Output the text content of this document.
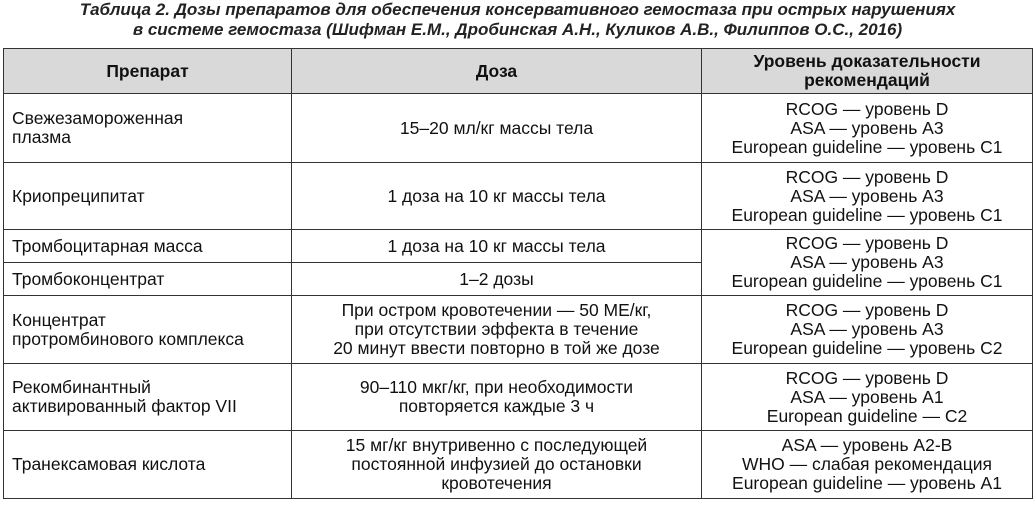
Таблица 2. Дозы препаратов для обеспечения консервативного гемостаза при острых нарушениях
в системе гемостаза (Шифман Е.М., Дробинская А.Н., Куликов А.В., Филиппов О.С., 2016)
Препарат	Доза	Уровень доказательности
рекомендаций

Свежезамороженная
плазма	15–20 мл/кг массы тела	RCOG — уровень D
ASA — уровень А3
European guideline — уровень С1

Криопреципитат	1 доза на 10 кг массы тела	RCOG — уровень D
ASA — уровень А3
European guideline — уровень С1

Тромбоцитарная масса	1 доза на 10 кг массы тела	RCOG — уровень D
ASA — уровень А3
European guideline — уровень С1

Тромбоконцентрат	1–2 дозы	

Концентрат
протромбинового комплекса	При остром кровотечении — 50 МЕ/кг,
при отсутствии эффекта в течение
20 минут ввести повторно в той же дозе	RCOG — уровень D
ASA — уровень А3
European guideline — уровень С2

Рекомбинантный
активированный фактор VII	90–110 мкг/кг, при необходимости
повторяется каждые 3 ч	RCOG — уровень D
ASA — уровень А1
European guideline — С2

Транексамовая кислота	15 мг/кг внутривенно с последующей
постоянной инфузией до остановки
кровотечения	ASA — уровень А2-В
WHO — слабая рекомендация
European guideline — уровень А1
